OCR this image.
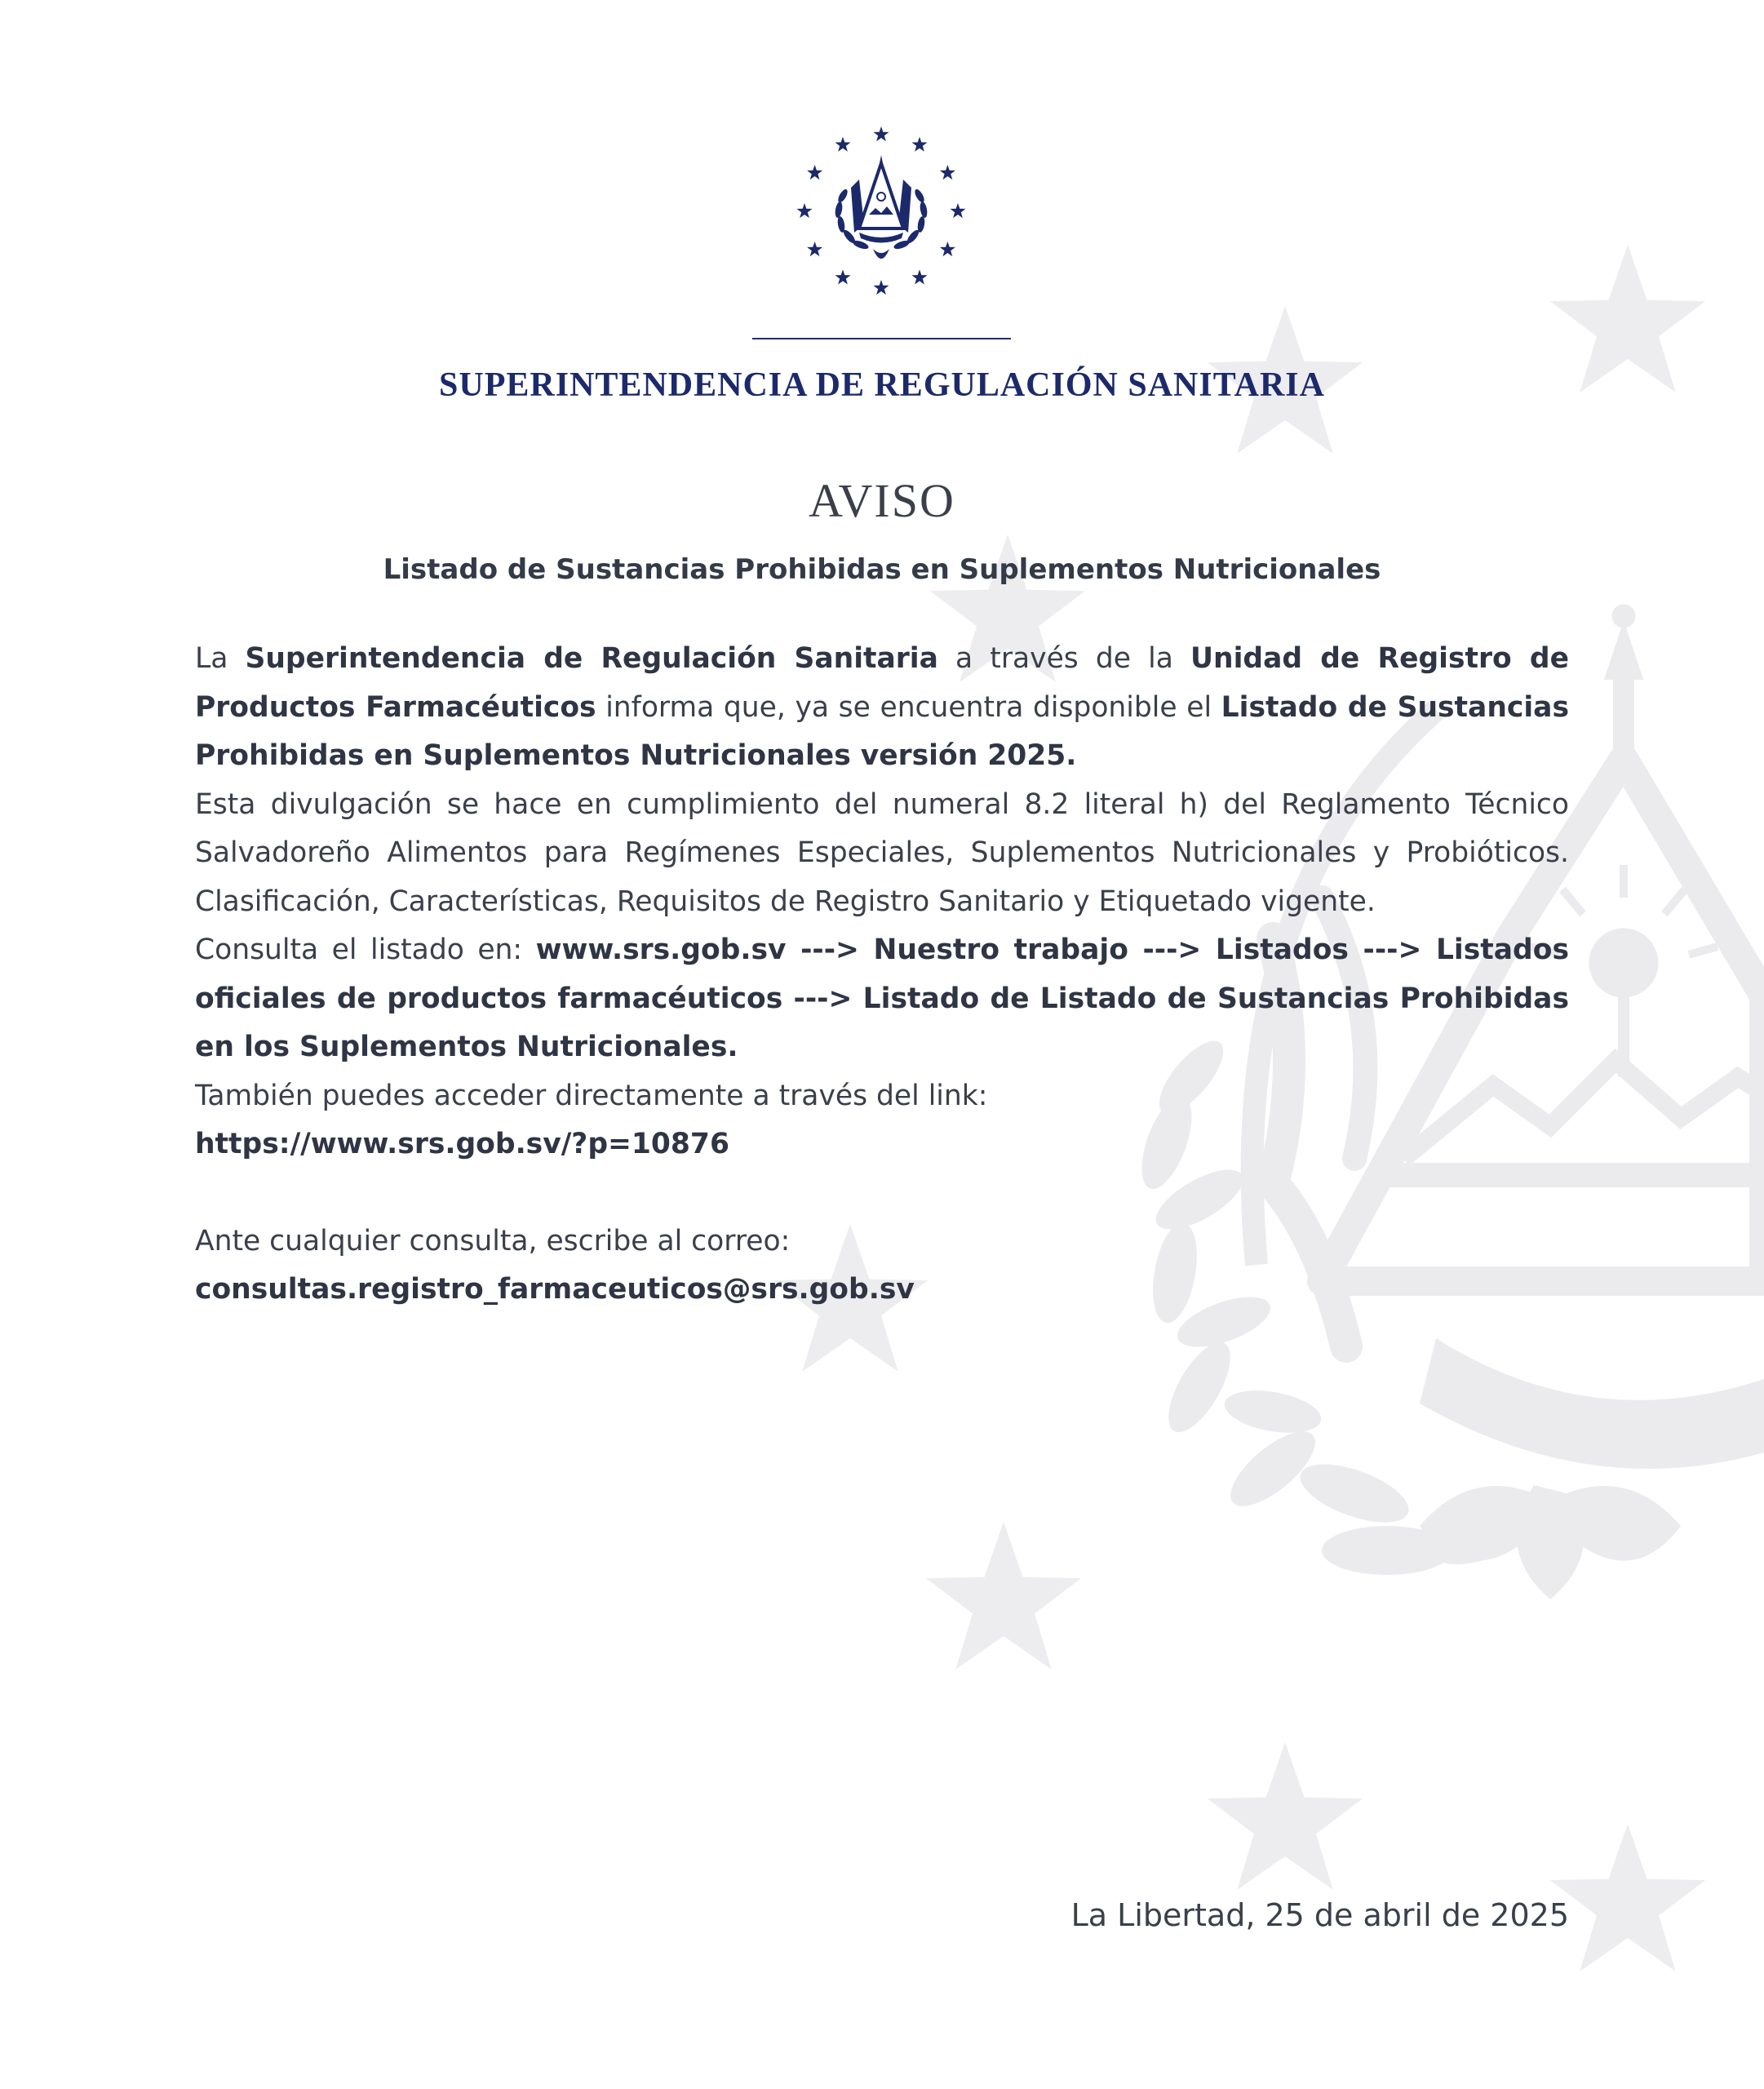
SUPERINTENDENCIA DE REGULACIÓN SANITARIA
AVISO
Listado de Sustancias Prohibidas en Suplementos Nutricionales

La Superintendencia de Regulación Sanitaria a través de la Unidad de Registro de Productos Farmacéuticos informa que, ya se encuentra disponible el Listado de Sustancias Prohibidas en Suplementos Nutricionales versión 2025.

Esta divulgación se hace en cumplimiento del numeral 8.2 literal h) del Reglamento Técnico Salvadoreño Alimentos para Regímenes Especiales, Suplementos Nutricionales y Probióticos. Clasificación, Características, Requisitos de Registro Sanitario y Etiquetado vigente.

Consulta el listado en: www.srs.gob.sv ---> Nuestro trabajo ---> Listados ---> Listados oficiales de productos farmacéuticos ---> Listado de Listado de Sustancias Prohibidas en los Suplementos Nutricionales.

También puedes acceder directamente a través del link:

https://www.srs.gob.sv/?p=10876

Ante cualquier consulta, escribe al correo:

consultas.registro_farmaceuticos@srs.gob.sv

La Libertad, 25 de abril de 2025
